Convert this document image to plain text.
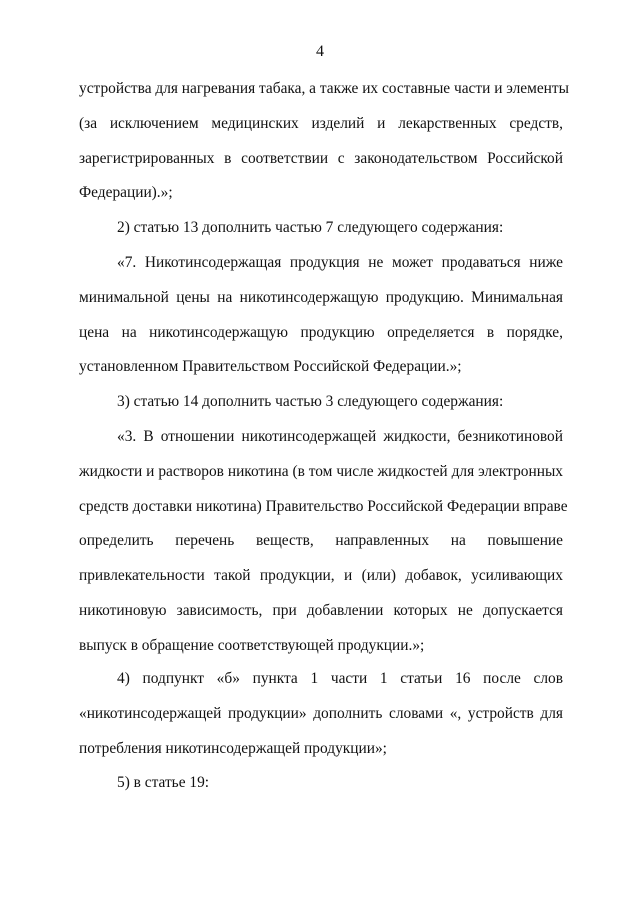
4
устройства для нагревания табака, а также их составные части и элементы
(за исключением медицинских изделий и лекарственных средств,
зарегистрированных в соответствии с законодательством Российской
Федерации).»;
2) статью 13 дополнить частью 7 следующего содержания:
«7. Никотинсодержащая продукция не может продаваться ниже
минимальной цены на никотинсодержащую продукцию. Минимальная
цена на никотинсодержащую продукцию определяется в порядке,
установленном Правительством Российской Федерации.»;
3) статью 14 дополнить частью 3 следующего содержания:
«3. В отношении никотинсодержащей жидкости, безникотиновой
жидкости и растворов никотина (в том числе жидкостей для электронных
средств доставки никотина) Правительство Российской Федерации вправе
определить перечень веществ, направленных на повышение
привлекательности такой продукции, и (или) добавок, усиливающих
никотиновую зависимость, при добавлении которых не допускается
выпуск в обращение соответствующей продукции.»;
4) подпункт «б» пункта 1 части 1 статьи 16 после слов
«никотинсодержащей продукции» дополнить словами «, устройств для
потребления никотинсодержащей продукции»;
5) в статье 19:
